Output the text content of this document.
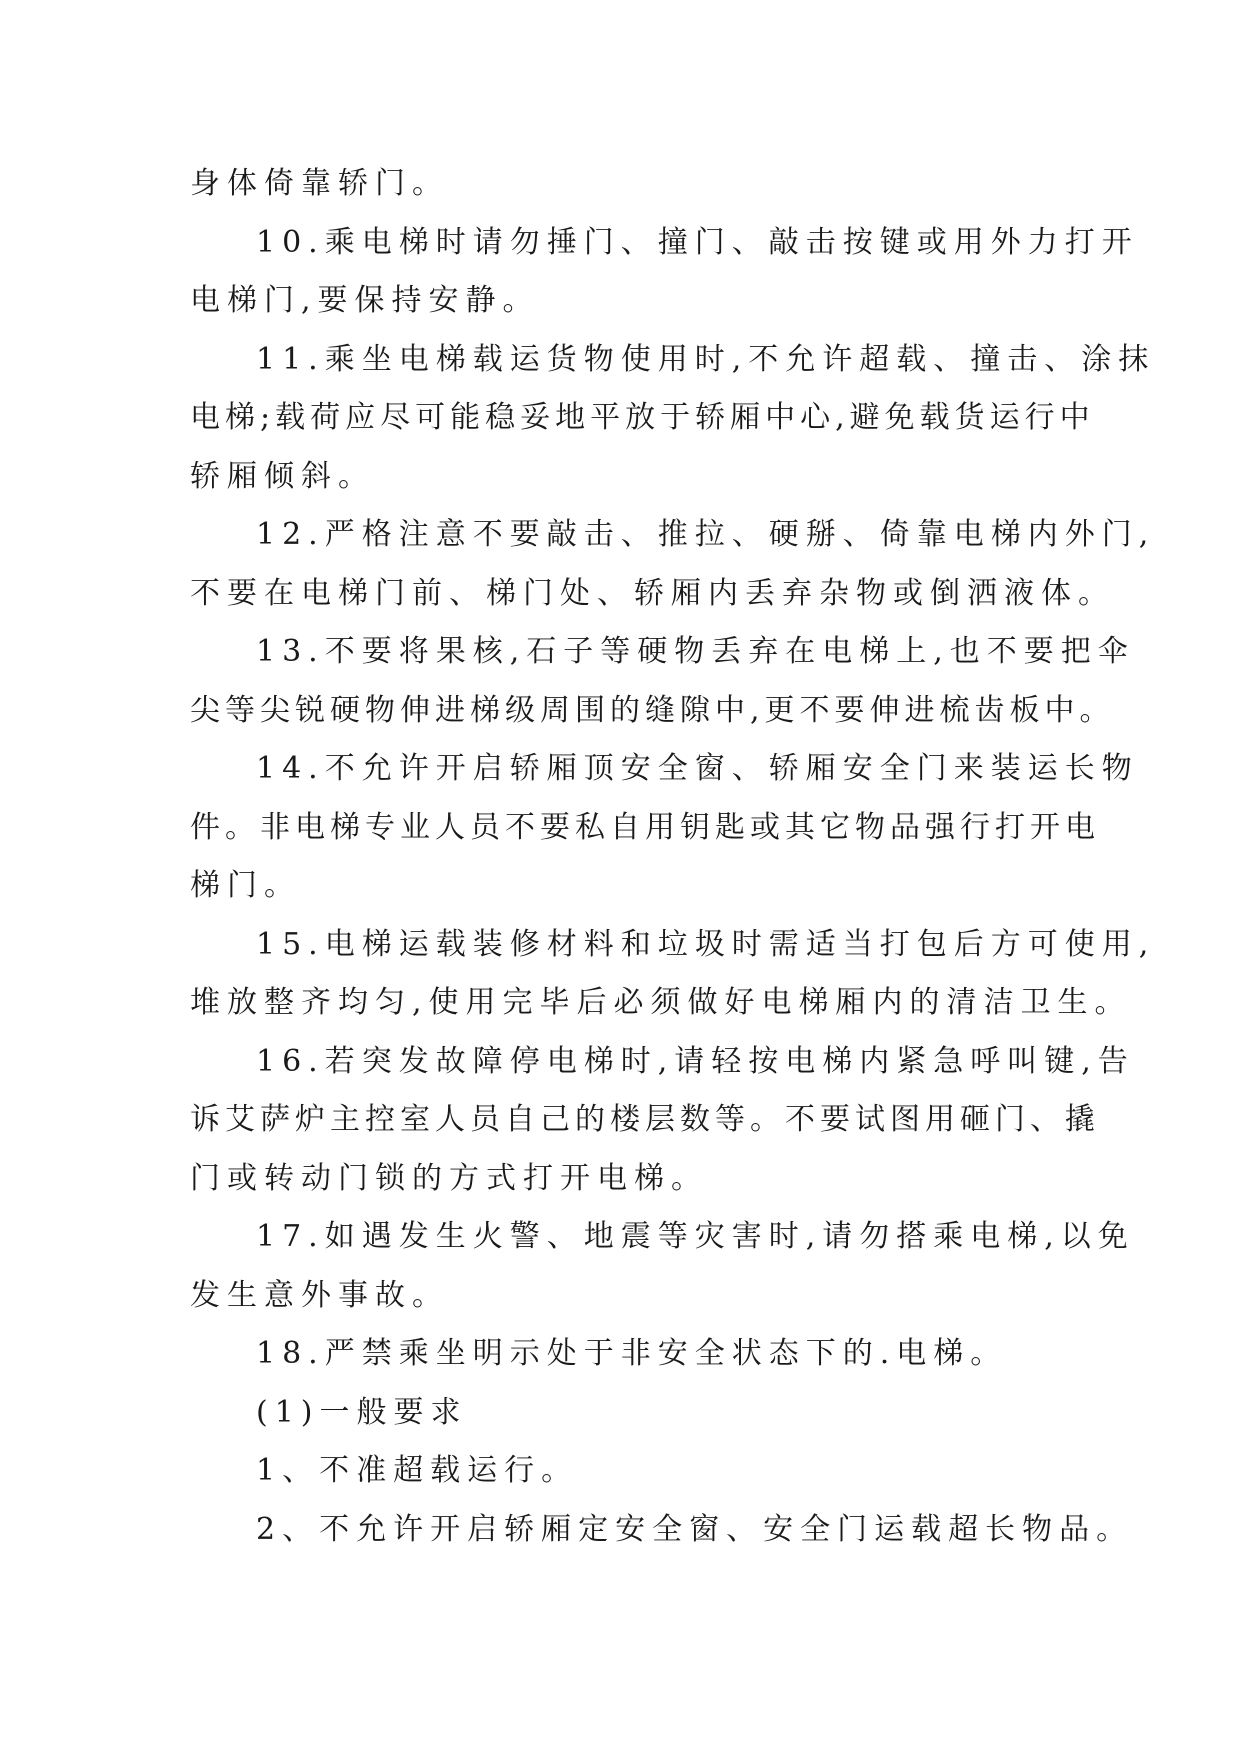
身体倚靠轿门。
10.乘电梯时请勿捶门、撞门、敲击按键或用外力打开
电梯门,要保持安静。
11.乘坐电梯载运货物使用时,不允许超载、撞击、涂抹
电梯;载荷应尽可能稳妥地平放于轿厢中心,避免载货运行中
轿厢倾斜。
12.严格注意不要敲击、推拉、硬掰、倚靠电梯内外门,
不要在电梯门前、梯门处、轿厢内丢弃杂物或倒洒液体。
13.不要将果核,石子等硬物丢弃在电梯上,也不要把伞
尖等尖锐硬物伸进梯级周围的缝隙中,更不要伸进梳齿板中。
14.不允许开启轿厢顶安全窗、轿厢安全门来装运长物
件。非电梯专业人员不要私自用钥匙或其它物品强行打开电
梯门。
15.电梯运载装修材料和垃圾时需适当打包后方可使用,
堆放整齐均匀,使用完毕后必须做好电梯厢内的清洁卫生。
16.若突发故障停电梯时,请轻按电梯内紧急呼叫键,告
诉艾萨炉主控室人员自己的楼层数等。不要试图用砸门、撬
门或转动门锁的方式打开电梯。
17.如遇发生火警、地震等灾害时,请勿搭乘电梯,以免
发生意外事故。
18.严禁乘坐明示处于非安全状态下的.电梯。
(1)一般要求
1、不准超载运行。
2、不允许开启轿厢定安全窗、安全门运载超长物品。
